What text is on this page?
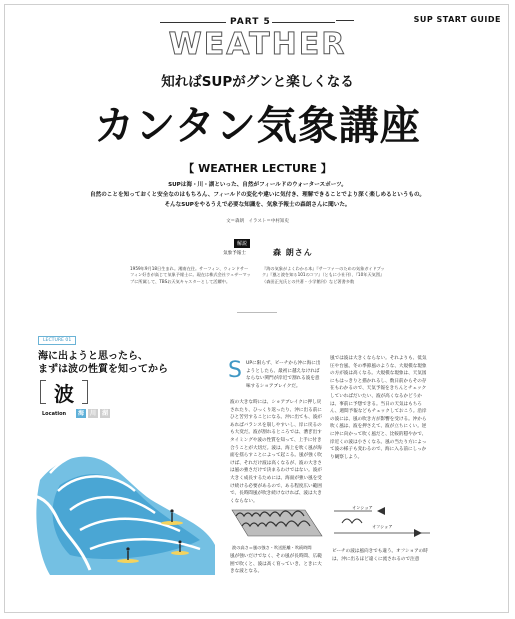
PART 5	SUP START GUIDE
WEATHER
知ればSUPがグンと楽しくなる
カンタン気象講座
【 WEATHER LECTURE 】
SUPは海・川・湖といった、自然がフィールドのウォータースポーツ。
自然のことを知っておくと安全なのはもちろん、フィールドの変化や違いに気付き、理解できることでより深く楽しめるというもの。
そんなSUPをやるうえで必要な知識を、気象予報士の森朗さんに聞いた。
文＝森朗　イラスト＝中村知史
解説
気象予報士	森 朗さん
1959年9月18日生まれ。湘南在住。サーフィン、ウィンドサーフィン好きが高じて気象予報士に。現在は株式会社ウェザーマップに所属して、TBSお天気キャスターとして活躍中。
『海の気象がよくわかる本』『サーファーのための気象ガイドブック』『風と波を知る101のコツ』（ともに小社刊）、『10年天気図』（森田正光氏との共著・小学館刊）など著書多数
LECTURE 01
海に出ようと思ったら、
まずは波の性質を知ってから
波
Location	海 川 湖
S UPに限らず、ビーチから沖に海に出ようとしたら、最初に越えなければならない関門が岸近で割れる波を意味するショアブレイクだ。
波の大きな時には、ショアブレイクに押し戻されたり、ひっくり返ったり、沖に出る前にひと苦労することになる。沖に出ても、波があればバランスを崩しやすいし、岸に戻るのも大変だ。波が割れるところでは、漕ぎ出すタイミングや波の性質を知って、上手に付き合うことが大切だ。波は、海上を吹く風が海面を揺らすことによって起こる。風が強く吹けば、それだけ波は高くなるが、波の大きさは風の強さだけで決まるわけではない。波が大きく成長するためには、海面が強い風を受け続ける必要があるので、ある程度広い範囲で、長時間風が吹き続けなければ、波は大きくならない。
風では波は大きくならない。それよりも、低気圧や台風、冬の季節風のような、大規模な現象の方が波は高くなる。大規模な現象は、天気図にもはっきりと描かれるし、数日前からその存在もわかるので、天気予報をきちんとチェックしていればだいたい、波が高くなるかどうかは、事前に予想できる。当日の天気はもちろん、週間予報などもチェックしておこう。沿岸の波には、風の吹き方が影響を受ける。沖から吹く風は、波を押さえて、波が立ちにくい。逆に沖に向かって吹く風だと、比較的穏やかで、岸近くの波は小さくなる。風の当たり方によって波の様子も変わるので、海に入る前にしっかり観察しよう。
波の高さ＝風の強さ・吹送距離・吹続時間
風が強いだけでなく、その風が長時間、広範囲で吹くと、波は高く育っていき、ときに大きな波となる。
オンショア
オフショア
ビーチの波は風向きでも違う。オフショアの時は、沖に出るほど遠くに流されるので注意
